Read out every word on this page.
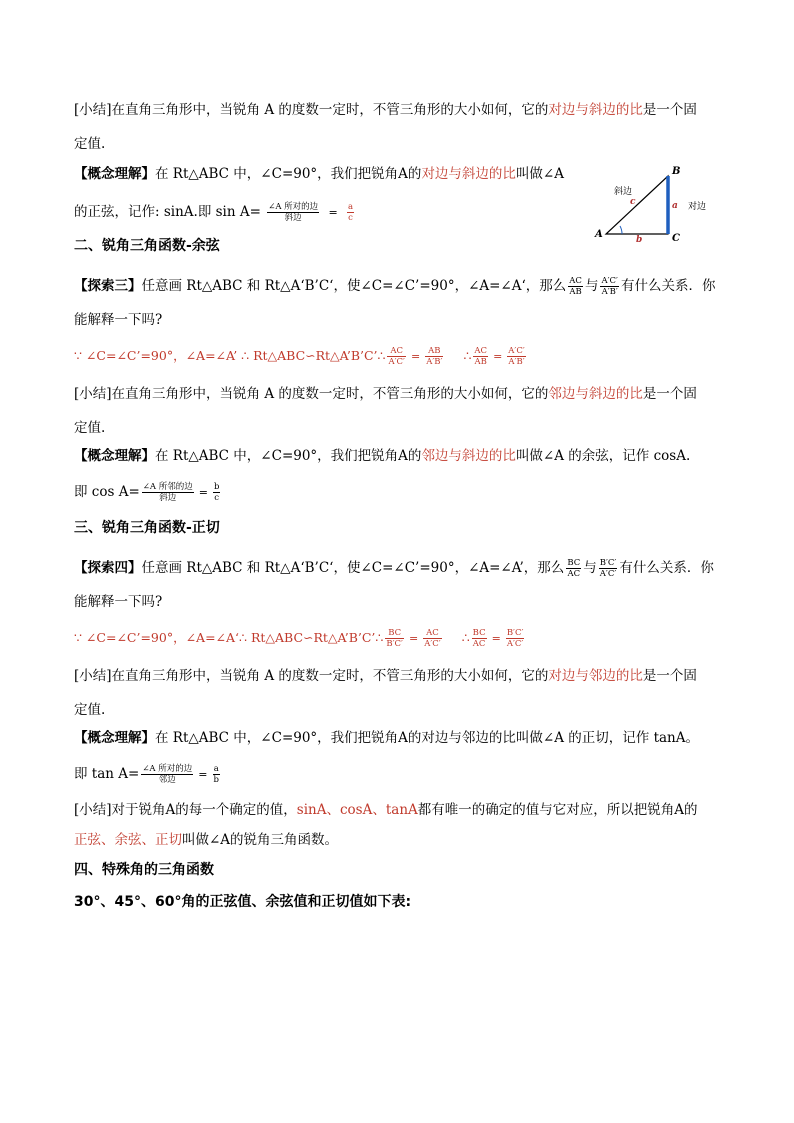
[小结]在直角三角形中，当锐角 A 的度数一定时，不管三角形的大小如何，它的对边与斜边的比是一个固
定值.
【概念理解】在 Rt△ABC 中，∠C=90°，我们把锐角A的对边与斜边的比叫做∠A
的正弦，记作: sinA.即 $\sin A= \frac{\text{∠A 所对的边}}{\text{斜边}} = \frac{a}{c}$
A	C
B
b
a
c
斜边
对边
二、锐角三角函数-余弦
【探索三】任意画 Rt△ABC 和 Rt△A‘B’C‘，使∠C=∠C’=90°，∠A=∠A‘，那么 $\frac{AC}{AB}$ 与 $\frac{A'C'}{A'B'}$ 有什么关系．你
能解释一下吗?
∵ ∠C=∠C’=90°，∠A=∠A’ ∴ Rt△ABC∽Rt△A’B’C’∴ $\frac{AC}{A'C'} = \frac{AB}{A'B'}$ ∴ $\frac{AC}{AB} = \frac{A'C'}{A'B'}$
[小结]在直角三角形中，当锐角 A 的度数一定时，不管三角形的大小如何，它的邻边与斜边的比是一个固
定值.
【概念理解】在 Rt△ABC 中，∠C=90°，我们把锐角A的邻边与斜边的比叫做∠A 的余弦，记作 cosA.
即 $\cos A= \frac{\text{∠A 所邻的边}}{\text{斜边}} = \frac{b}{c}$
三、锐角三角函数-正切
【探索四】任意画 Rt△ABC 和 Rt△A‘B’C‘，使∠C=∠C’=90°，∠A=∠A’，那么 $\frac{BC}{AC}$ 与 $\frac{B'C'}{A'C'}$ 有什么关系．你
能解释一下吗?
∵ ∠C=∠C’=90°，∠A=∠A‘∴ Rt△ABC∽Rt△A’B’C’∴ $\frac{BC}{B'C'} = \frac{AC}{A'C'}$ ∴ $\frac{BC}{AC} = \frac{B'C'}{A'C'}$
[小结]在直角三角形中，当锐角 A 的度数一定时，不管三角形的大小如何，它的对边与邻边的比是一个固
定值.
【概念理解】在 Rt△ABC 中，∠C=90°，我们把锐角A的对边与邻边的比叫做∠A 的正切，记作 tanA。
即 $\tan A= \frac{\text{∠A 所对的边}}{\text{邻边}} = \frac{a}{b}$
[小结]对于锐角A的每一个确定的值，sinA、cosA、tanA都有唯一的确定的值与它对应，所以把锐角A的
正弦、余弦、正切叫做∠A的锐角三角函数。
四、特殊角的三角函数
30°、45°、60°角的正弦值、余弦值和正切值如下表:
